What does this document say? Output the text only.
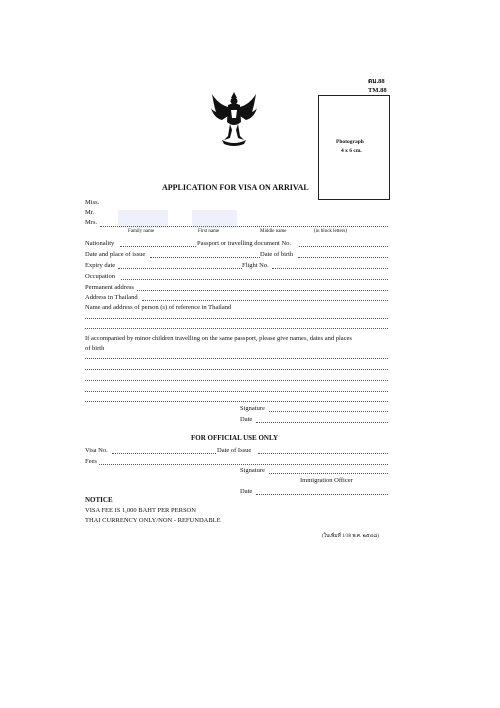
ตม.88
TM.88
Photograph
4 x 6 cm.
APPLICATION FOR VISA ON ARRIVAL
Miss.
Mr.
Mrs.
Family name	First name	Middle name	(in block letters)
Nationality	Passport or travelling document No.
Date and place of issue	Date of birth
Expiry date	Flight No.
Occupation
Permanent address
Address in Thailand
Name and address of person (s) of reference in Thailand
If accompanied by minor children travelling on the same passport, please give names, dates and places
of birth
Signature
Date
FOR OFFICIAL USE ONLY
Visa No.	Date of Issue
Fees
Signature
Immigration Officer
Date
NOTICE
VISA FEE IS 1,000 BAHT PER PERSON
THAI CURRENCY ONLY/NON - REFUNDABLE
(ใบเพิ่มที่ 1/38 พ.ศ. ๒๕๔๘)
